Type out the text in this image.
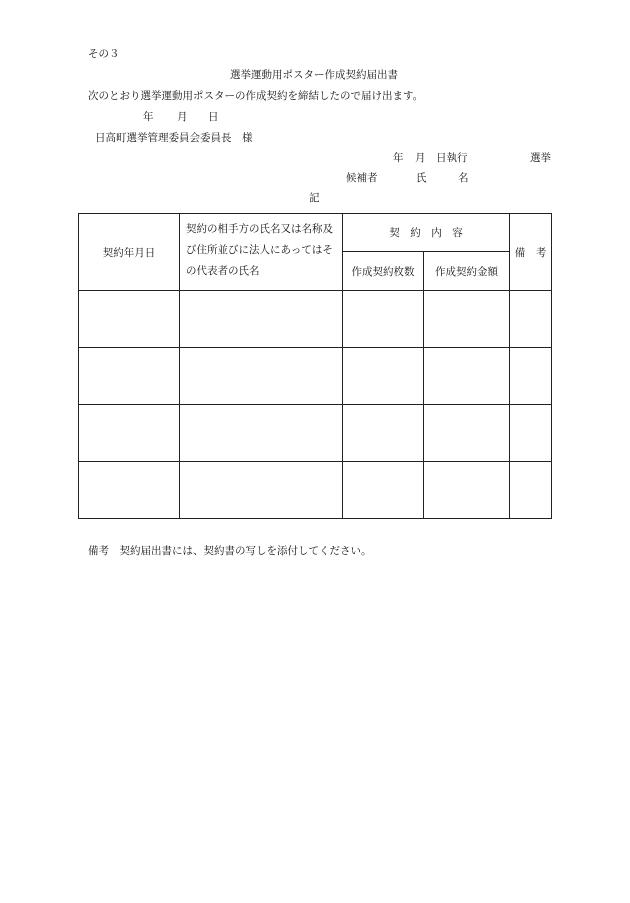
その３
選挙運動用ポスター作成契約届出書
次のとおり選挙運動用ポスターの作成契約を締結したので届け出ます。
年 月 日
日高町選挙管理委員会委員長　様
年 月 日執行	選挙
候補者	氏	名
記
契約年月日	契約の相手方の氏名又は名称及び住所並びに法人にあってはその代表者の氏名	契　約　内　容		備　考
		作成契約枚数	作成契約金額	

備考　契約届出書には、契約書の写しを添付してください。
